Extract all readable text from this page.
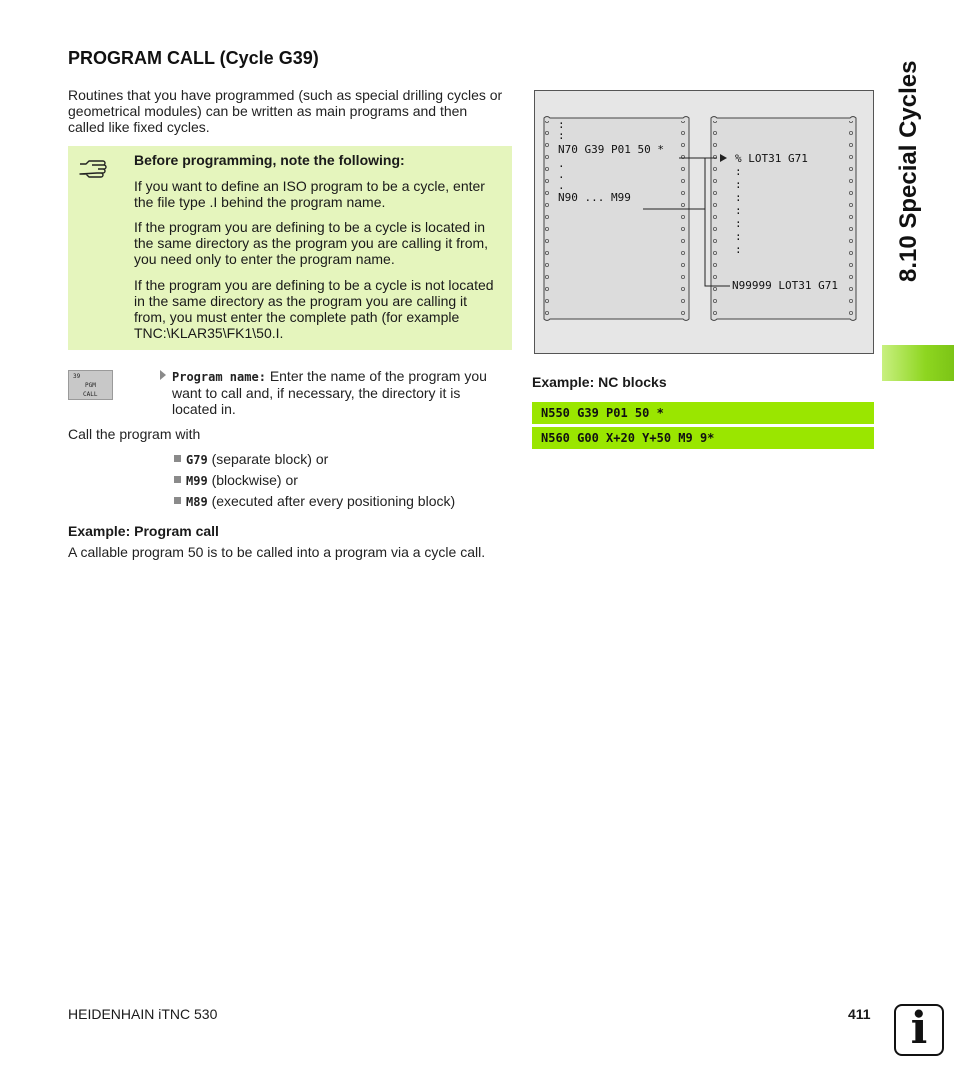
PROGRAM CALL (Cycle G39)
Routines that you have programmed (such as special drilling cycles or
geometrical modules) can be written as main programs and then
called like fixed cycles.
Before programming, note the following:
If you want to define an ISO program to be a cycle, enter
the file type .I behind the program name.
If the program you are defining to be a cycle is located in
the same directory as the program you are calling it from,
you need only to enter the program name.
If the program you are defining to be a cycle is not located
in the same directory as the program you are calling it
from, you must enter the complete path (for example
TNC:\KLAR35\FK1\50.I.
39
PGM
CALL
Program name: Enter the name of the program you
want to call and, if necessary, the directory it is
located in.
Call the program with
G79 (separate block) or
M99 (blockwise) or
M89 (executed after every positioning block)
Example: Program call
A callable program 50 is to be called into a program via a cycle call.
:
:
N70 G39 P01 50 *
.
.
.
N90 ... M99
% LOT31 G71
:
:
:
:
:
:
:
N99999 LOT31 G71
Example: NC blocks
N550 G39 P01 50 *
N560 G00 X+20 Y+50 M9 9*
8.10 Special Cycles
HEIDENHAIN iTNC 530	411 i
